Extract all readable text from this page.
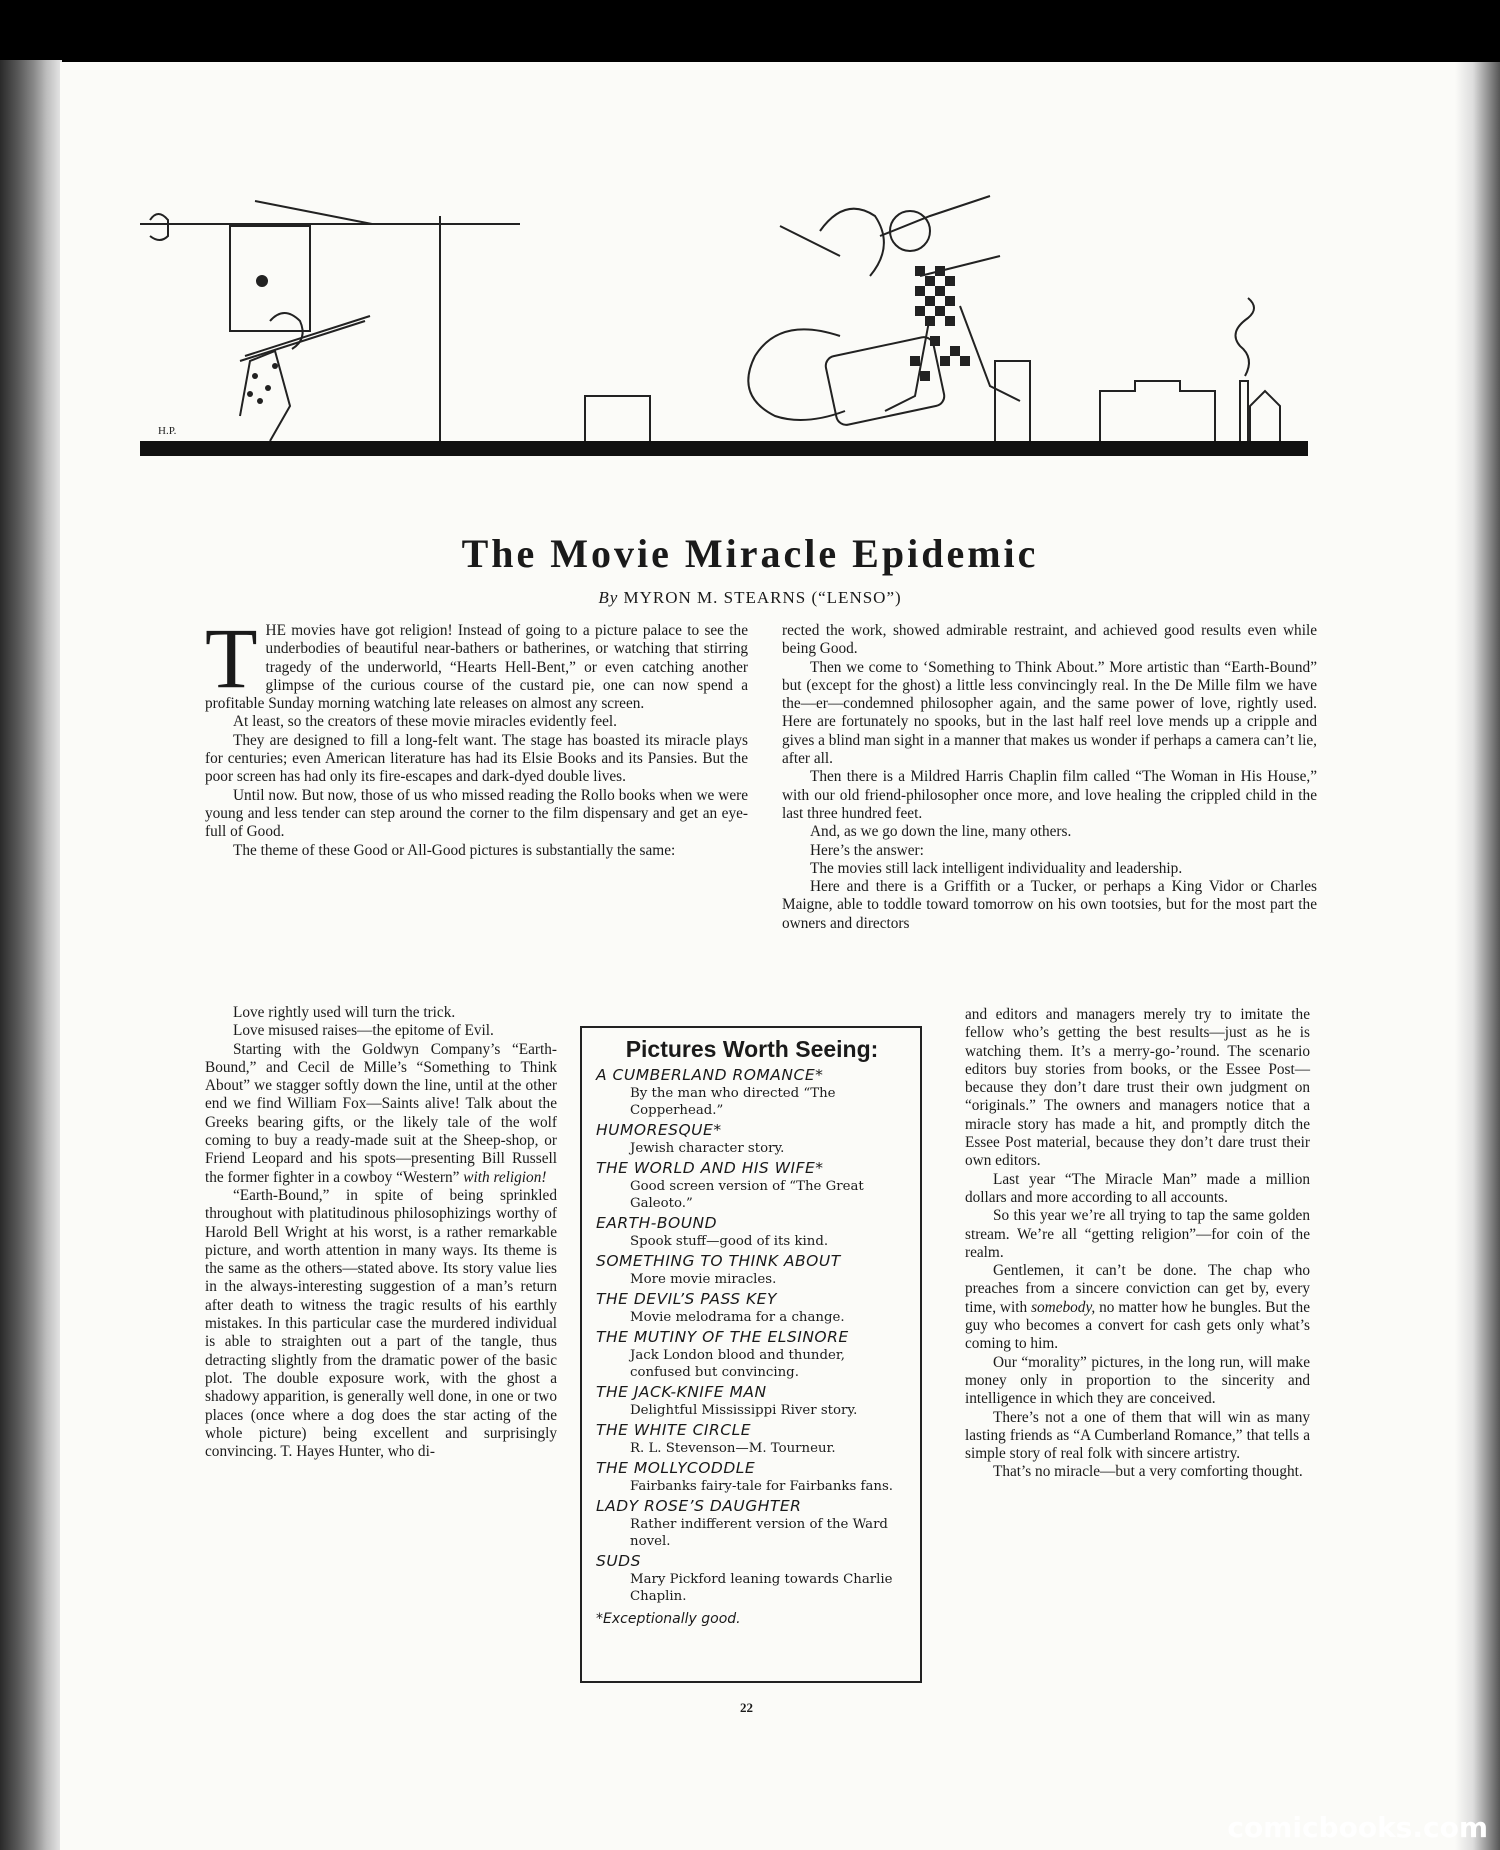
H.P.
The Movie Miracle Epidemic
By MYRON M. STEARNS (“LENSO”)

THE movies have got religion! Instead of going to a picture palace to see the underbodies of beautiful near-bathers or batherines, or watching that stirring tragedy of the underworld, “Hearts Hell-Bent,” or even catching another glimpse of the curious course of the custard pie, one can now spend a profitable Sunday morning watching late releases on almost any screen.

At least, so the creators of these movie miracles evidently feel.

They are designed to fill a long-felt want. The stage has boasted its miracle plays for centuries; even American literature has had its Elsie Books and its Pansies. But the poor screen has had only its fire-escapes and dark-dyed double lives.

Until now. But now, those of us who missed reading the Rollo books when we were young and less tender can step around the corner to the film dispensary and get an eye-full of Good.

The theme of these Good or All-Good pictures is substantially the same:

Love rightly used will turn the trick.

Love misused raises—the epitome of Evil.

Starting with the Goldwyn Company’s “Earth-Bound,” and Cecil de Mille’s “Something to Think About” we stagger softly down the line, until at the other end we find William Fox—Saints alive! Talk about the Greeks bearing gifts, or the likely tale of the wolf coming to buy a ready-made suit at the Sheep-shop, or Friend Leopard and his spots—presenting Bill Russell the former fighter in a cowboy “Western” with religion!

“Earth-Bound,” in spite of being sprinkled throughout with platitudinous philosophizings worthy of Harold Bell Wright at his worst, is a rather remarkable picture, and worth attention in many ways. Its theme is the same as the others—stated above. Its story value lies in the always-interesting suggestion of a man’s return after death to witness the tragic results of his earthly mistakes. In this particular case the murdered individual is able to straighten out a part of the tangle, thus detracting slightly from the dramatic power of the basic plot. The double exposure work, with the ghost a shadowy apparition, is generally well done, in one or two places (once where a dog does the star acting of the whole picture) being excellent and surprisingly convincing. T. Hayes Hunter, who di-

rected the work, showed admirable restraint, and achieved good results even while being Good.

Then we come to ‘Something to Think About.” More artistic than “Earth-Bound” but (except for the ghost) a little less convincingly real. In the De Mille film we have the—er—condemned philosopher again, and the same power of love, rightly used. Here are fortunately no spooks, but in the last half reel love mends up a cripple and gives a blind man sight in a manner that makes us wonder if perhaps a camera can’t lie, after all.

Then there is a Mildred Harris Chaplin film called “The Woman in His House,” with our old friend-philosopher once more, and love healing the crippled child in the last three hundred feet.

And, as we go down the line, many others.

Here’s the answer:

The movies still lack intelligent individuality and leadership.

Here and there is a Griffith or a Tucker, or perhaps a King Vidor or Charles Maigne, able to toddle toward tomorrow on his own tootsies, but for the most part the owners and directors

and editors and managers merely try to imitate the fellow who’s getting the best results—just as he is watching them. It’s a merry-go-’round. The scenario editors buy stories from books, or the Essee Post—because they don’t dare trust their own judgment on “originals.” The owners and managers notice that a miracle story has made a hit, and promptly ditch the Essee Post material, because they don’t dare trust their own editors.

Last year “The Miracle Man” made a million dollars and more according to all accounts.

So this year we’re all trying to tap the same golden stream. We’re all “getting religion”—for coin of the realm.

Gentlemen, it can’t be done. The chap who preaches from a sincere conviction can get by, every time, with somebody, no matter how he bungles. But the guy who becomes a convert for cash gets only what’s coming to him.

Our “morality” pictures, in the long run, will make money only in proportion to the sincerity and intelligence in which they are conceived.

There’s not a one of them that will win as many lasting friends as “A Cumberland Romance,” that tells a simple story of real folk with sincere artistry.

That’s no miracle—but a very comforting thought.

Pictures Worth Seeing:
A CUMBERLAND ROMANCE*
By the man who directed “The Copperhead.”
HUMORESQUE*
Jewish character story.
THE WORLD AND HIS WIFE*
Good screen version of “The Great Galeoto.”
EARTH-BOUND
Spook stuff—good of its kind.
SOMETHING TO THINK ABOUT
More movie miracles.
THE DEVIL’S PASS KEY
Movie melodrama for a change.
THE MUTINY OF THE ELSINORE
Jack London blood and thunder, confused but convincing.
THE JACK-KNIFE MAN
Delightful Mississippi River story.
THE WHITE CIRCLE
R. L. Stevenson—M. Tourneur.
THE MOLLYCODDLE
Fairbanks fairy-tale for Fairbanks fans.
LADY ROSE’S DAUGHTER
Rather indifferent version of the Ward novel.
SUDS
Mary Pickford leaning towards Charlie Chaplin.
*Exceptionally good.
22
comicbooks.com
